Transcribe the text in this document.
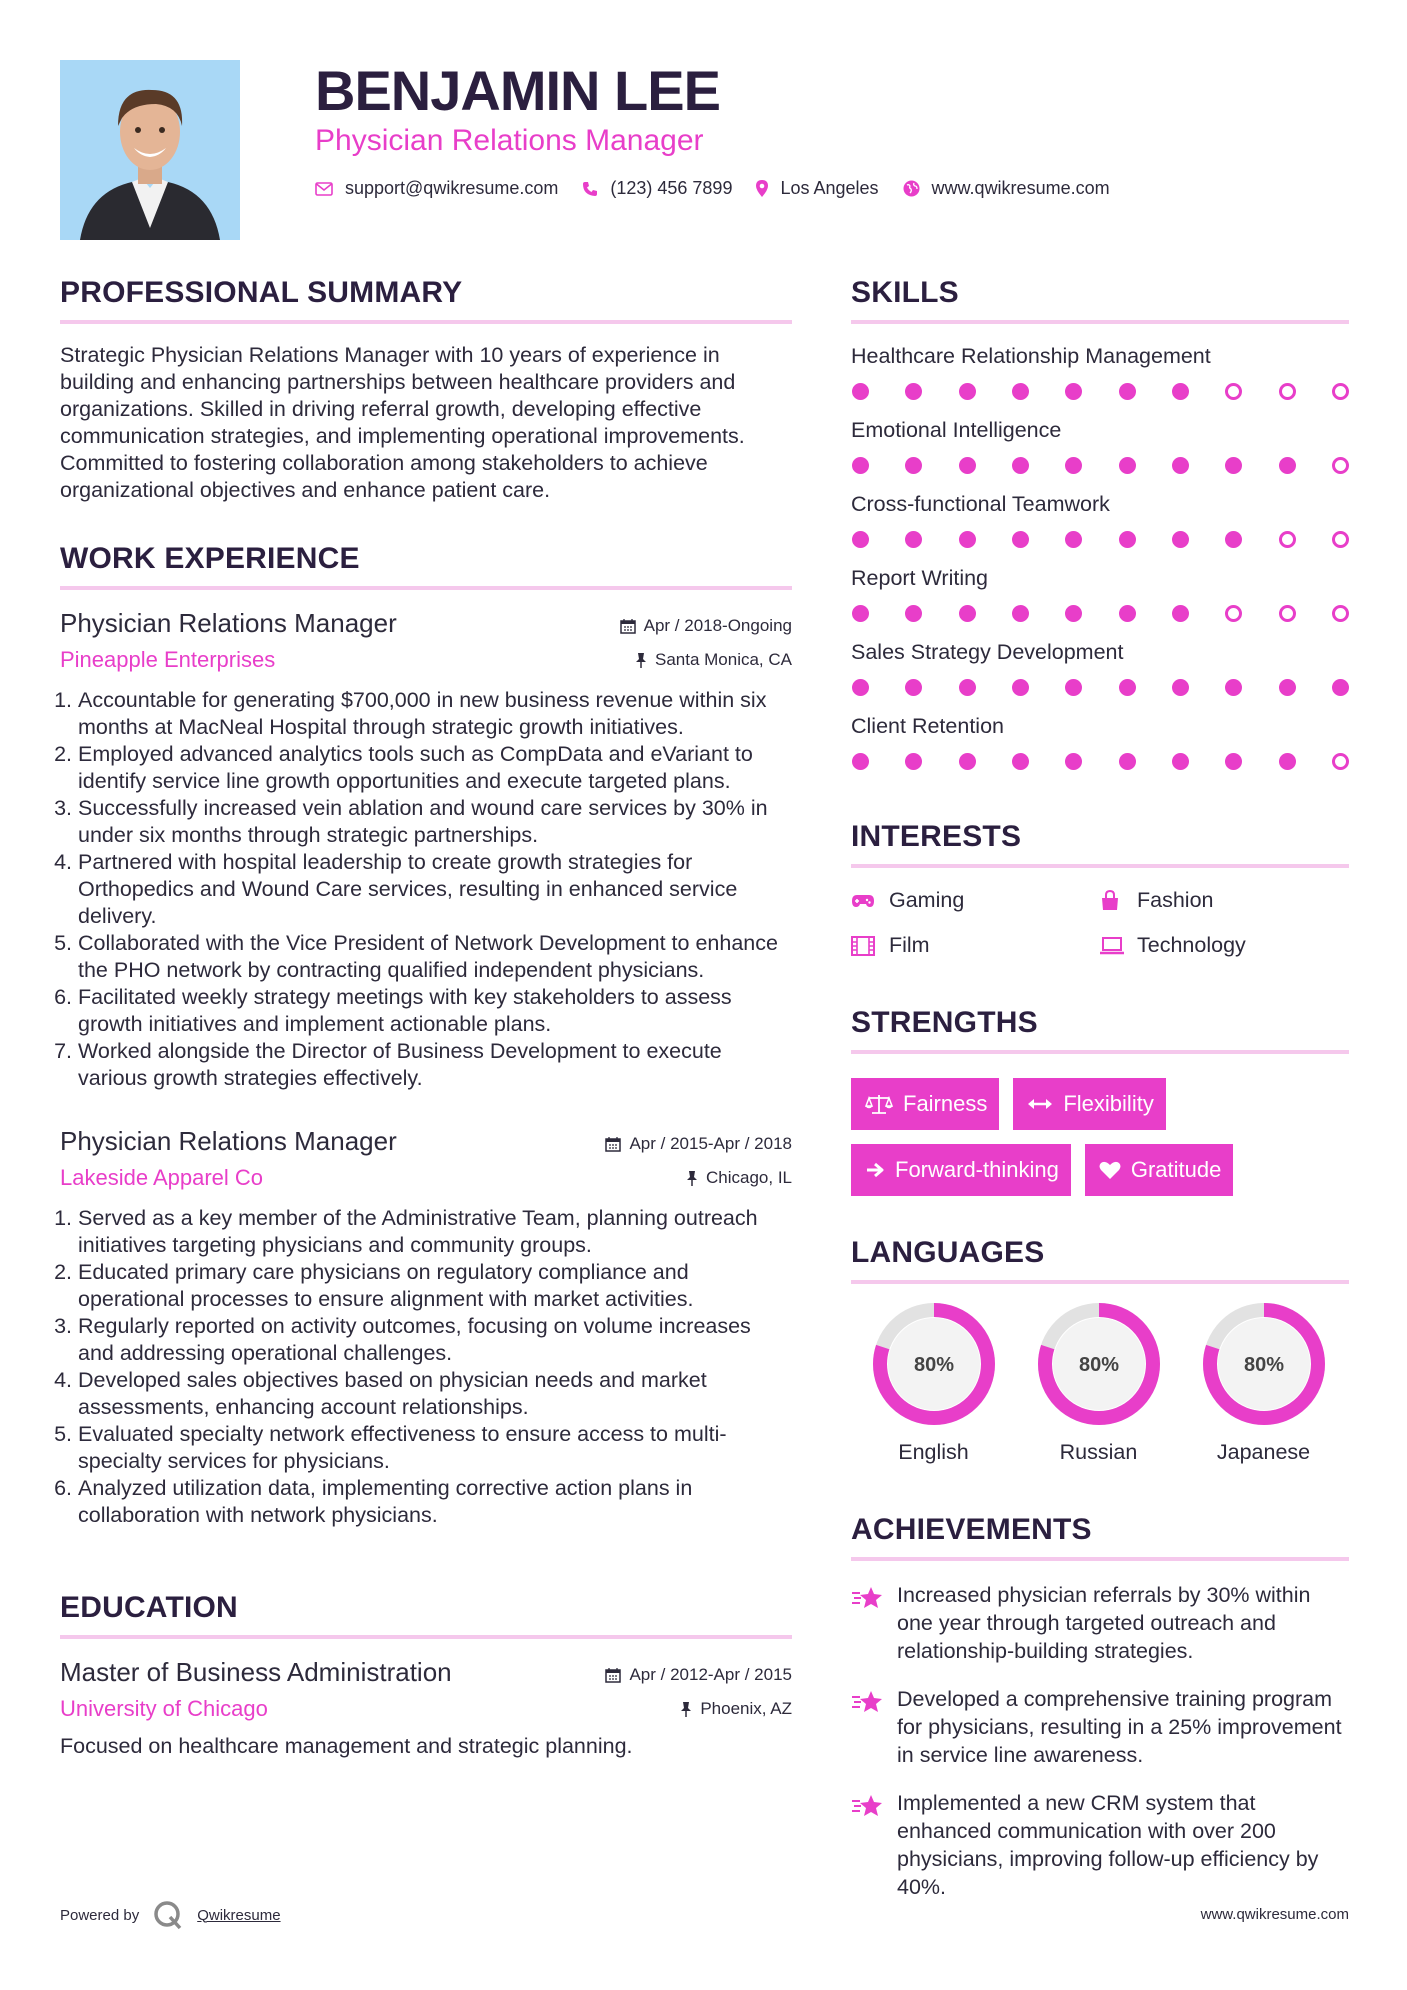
BENJAMIN LEE
Physician Relations Manager
support@qwikresume.com	(123) 456 7899	Los Angeles	www.qwikresume.com
PROFESSIONAL SUMMARY
Strategic Physician Relations Manager with 10 years of experience in building and enhancing partnerships between healthcare providers and organizations. Skilled in driving referral growth, developing effective communication strategies, and implementing operational improvements. Committed to fostering collaboration among stakeholders to achieve organizational objectives and enhance patient care.
WORK EXPERIENCE
Physician Relations Manager
Pineapple Enterprises
Apr / 2018-Ongoing
Santa Monica, CA
1. Accountable for generating $700,000 in new business revenue within six months at MacNeal Hospital through strategic growth initiatives.
2. Employed advanced analytics tools such as CompData and eVariant to identify service line growth opportunities and execute targeted plans.
3. Successfully increased vein ablation and wound care services by 30% in under six months through strategic partnerships.
4. Partnered with hospital leadership to create growth strategies for Orthopedics and Wound Care services, resulting in enhanced service delivery.
5. Collaborated with the Vice President of Network Development to enhance the PHO network by contracting qualified independent physicians.
6. Facilitated weekly strategy meetings with key stakeholders to assess growth initiatives and implement actionable plans.
7. Worked alongside the Director of Business Development to execute various growth strategies effectively.
Physician Relations Manager
Lakeside Apparel Co
Apr / 2015-Apr / 2018
Chicago, IL
1. Served as a key member of the Administrative Team, planning outreach initiatives targeting physicians and community groups.
2. Educated primary care physicians on regulatory compliance and operational processes to ensure alignment with market activities.
3. Regularly reported on activity outcomes, focusing on volume increases and addressing operational challenges.
4. Developed sales objectives based on physician needs and market assessments, enhancing account relationships.
5. Evaluated specialty network effectiveness to ensure access to multi-specialty services for physicians.
6. Analyzed utilization data, implementing corrective action plans in collaboration with network physicians.
EDUCATION
Master of Business Administration
University of Chicago
Apr / 2012-Apr / 2015
Phoenix, AZ
Focused on healthcare management and strategic planning.
SKILLS
Healthcare Relationship Management
Emotional Intelligence
Cross-functional Teamwork
Report Writing
Sales Strategy Development
Client Retention
INTERESTS
Gaming	Fashion
Film	Technology
STRENGTHS
Fairness	Flexibility
Forward-thinking	Gratitude
LANGUAGES
80%
English
80%
Russian
80%
Japanese
ACHIEVEMENTS
Increased physician referrals by 30% within one year through targeted outreach and relationship-building strategies.
Developed a comprehensive training program for physicians, resulting in a 25% improvement in service line awareness.
Implemented a new CRM system that enhanced communication with over 200 physicians, improving follow-up efficiency by 40%.
Powered by	Qwikresume	www.qwikresume.com
